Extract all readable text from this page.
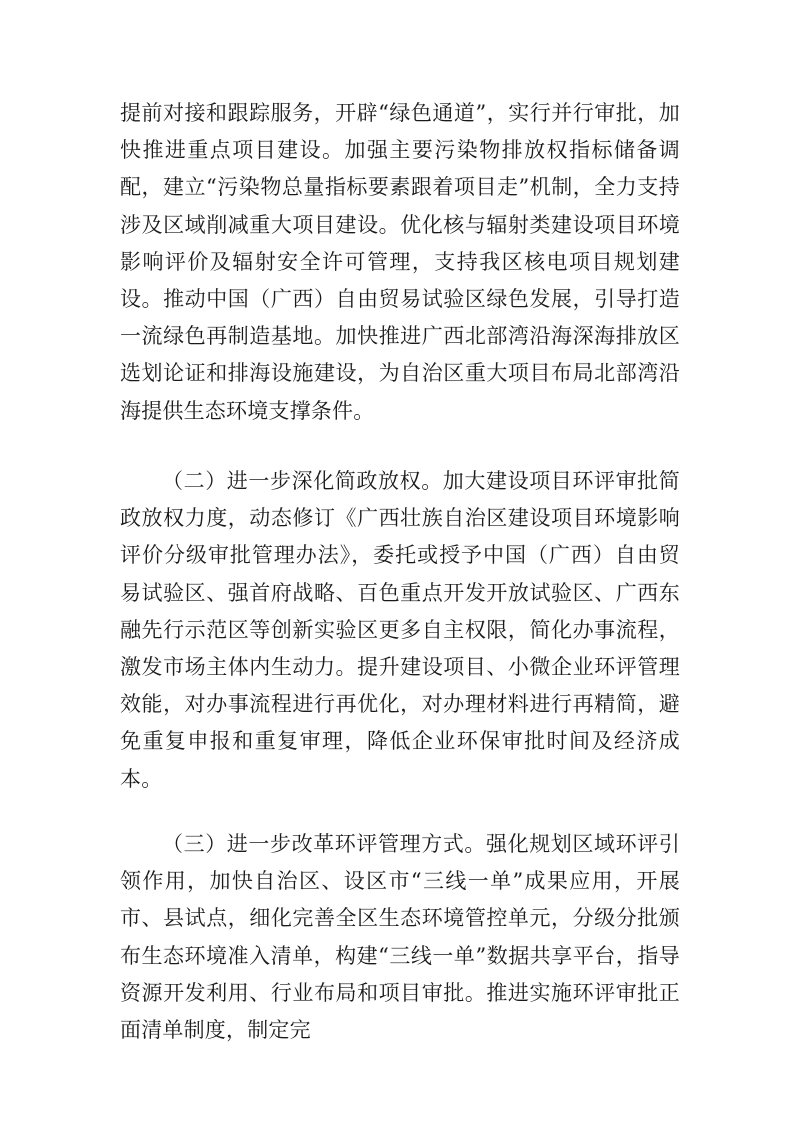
提前对接和跟踪服务，开辟“绿色通道”，实行并行审批，加快推进重点项目建设。加强主要污染物排放权指标储备调配，建立“污染物总量指标要素跟着项目走”机制，全力支持涉及区域削减重大项目建设。优化核与辐射类建设项目环境影响评价及辐射安全许可管理，支持我区核电项目规划建设。推动中国（广西）自由贸易试验区绿色发展，引导打造一流绿色再制造基地。加快推进广西北部湾沿海深海排放区选划论证和排海设施建设，为自治区重大项目布局北部湾沿海提供生态环境支撑条件。

（二）进一步深化简政放权。加大建设项目环评审批简政放权力度，动态修订《广西壮族自治区建设项目环境影响评价分级审批管理办法》，委托或授予中国（广西）自由贸易试验区、强首府战略、百色重点开发开放试验区、广西东融先行示范区等创新实验区更多自主权限，简化办事流程，激发市场主体内生动力。提升建设项目、小微企业环评管理效能，对办事流程进行再优化，对办理材料进行再精简，避免重复申报和重复审理，降低企业环保审批时间及经济成本。

（三）进一步改革环评管理方式。强化规划区域环评引领作用，加快自治区、设区市“三线一单”成果应用，开展市、县试点，细化完善全区生态环境管控单元，分级分批颁布生态环境准入清单，构建“三线一单”数据共享平台，指导资源开发利用、行业布局和项目审批。推进实施环评审批正面清单制度，制定完
